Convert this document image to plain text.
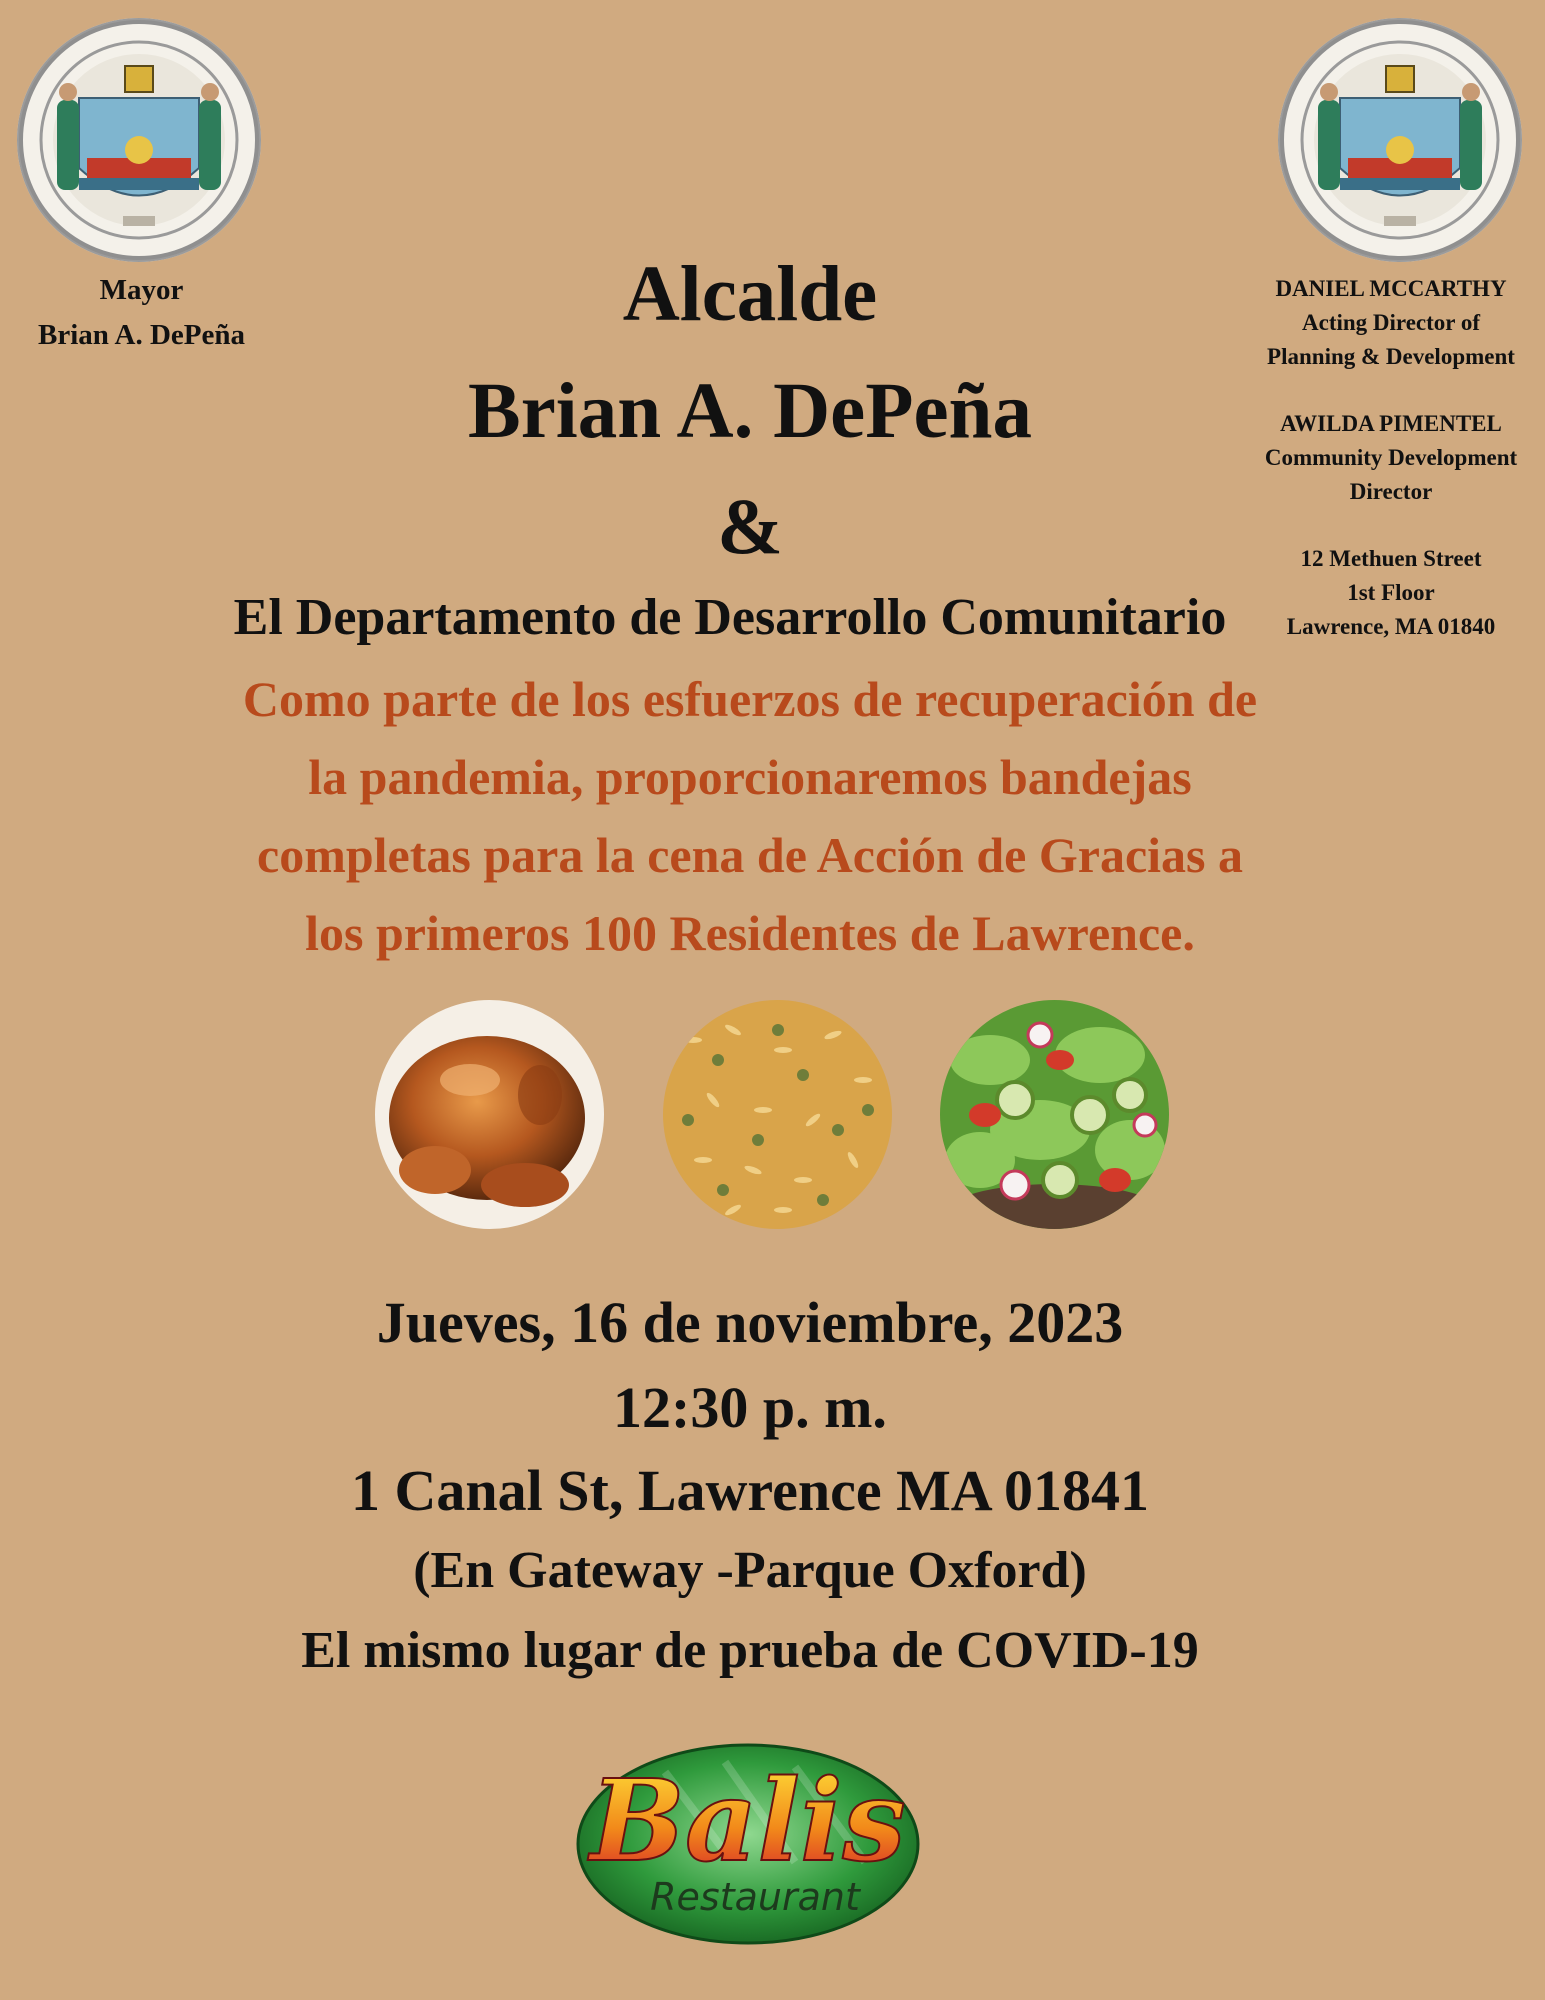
Mayor
Brian A. DePeña
DANIEL MCCARTHY
Acting Director of
Planning & Development
AWILDA PIMENTEL
Community Development
Director
12 Methuen Street
1st Floor
Lawrence, MA 01840
Alcalde
Brian A. DePeña
&
El Departamento de Desarrollo Comunitario
Como parte de los esfuerzos de recuperación de
la pandemia, proporcionaremos bandejas
completas para la cena de Acción de Gracias a
los primeros 100 Residentes de Lawrence.
Jueves, 16 de noviembre, 2023
12:30 p. m.
1 Canal St, Lawrence MA 01841
(En Gateway -Parque Oxford)
El mismo lugar de prueba de COVID-19
Balis
Restaurant
